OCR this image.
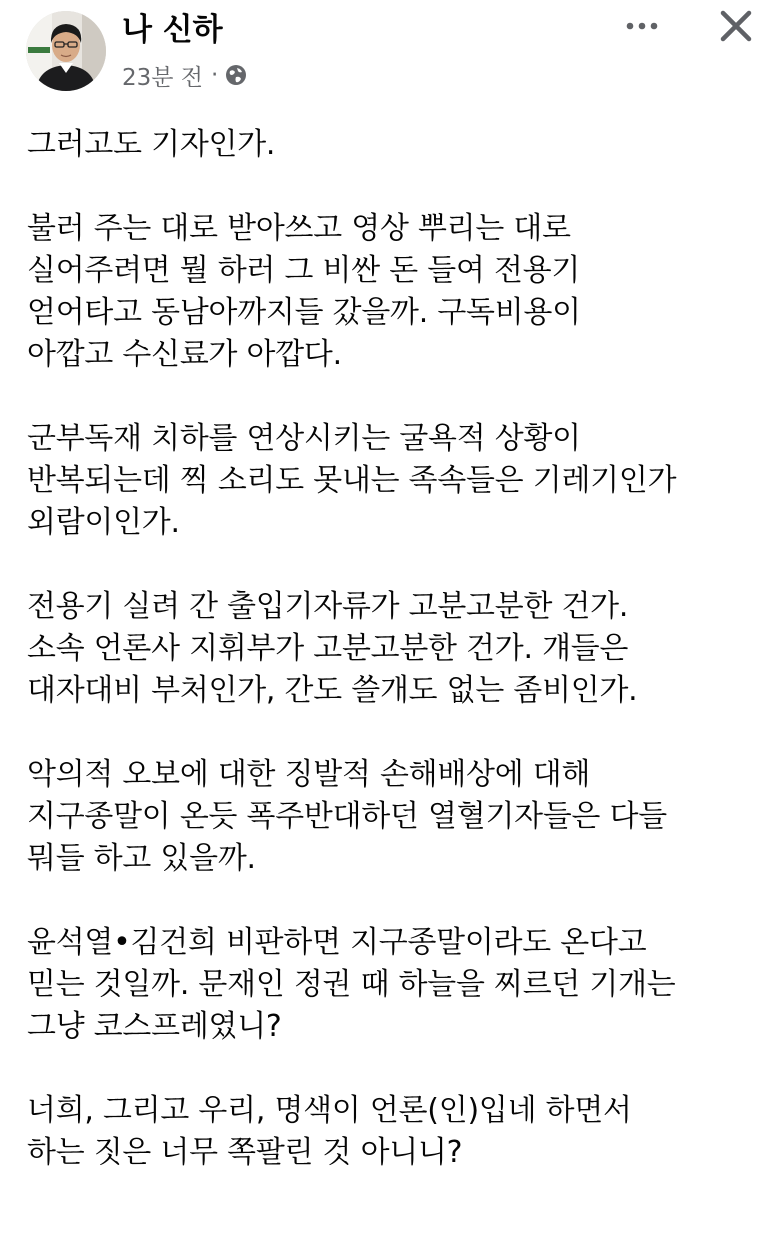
나 신하
23분 전 ·
그러고도 기자인가.
불러 주는 대로 받아쓰고 영상 뿌리는 대로
실어주려면 뭘 하러 그 비싼 돈 들여 전용기
얻어타고 동남아까지들 갔을까. 구독비용이
아깝고 수신료가 아깝다.
군부독재 치하를 연상시키는 굴욕적 상황이
반복되는데 찍 소리도 못내는 족속들은 기레기인가
외람이인가.
전용기 실려 간 출입기자류가 고분고분한 건가.
소속 언론사 지휘부가 고분고분한 건가. 걔들은
대자대비 부처인가, 간도 쓸개도 없는 좀비인가.
악의적 오보에 대한 징발적 손해배상에 대해
지구종말이 온듯 폭주반대하던 열혈기자들은 다들
뭐들 하고 있을까.
윤석열•김건희 비판하면 지구종말이라도 온다고
믿는 것일까. 문재인 정권 때 하늘을 찌르던 기개는
그냥 코스프레였니?
너희, 그리고 우리, 명색이 언론(인)입네 하면서
하는 짓은 너무 쪽팔린 것 아니니?
